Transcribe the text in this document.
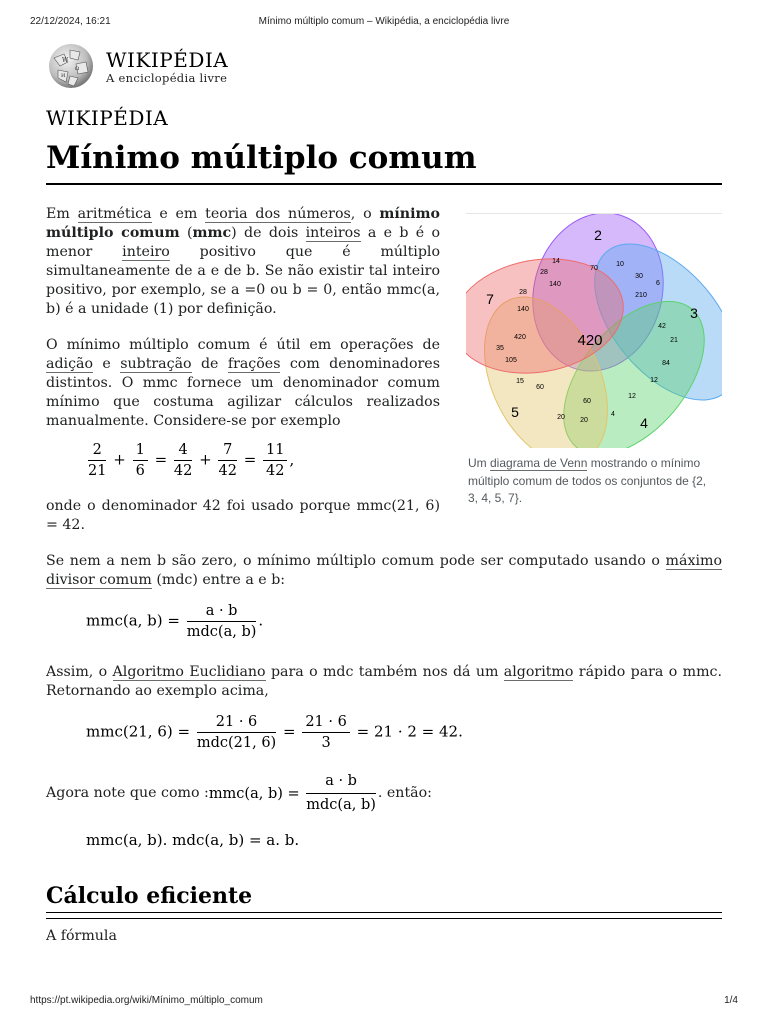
22/12/2024, 16:21	Mínimo múltiplo comum – Wikipédia, a enciclopédia livre
W
Ω
И
WIKIPÉDIA
A enciclopédia livre
WIKIPÉDIA
Mínimo múltiplo comum
Em aritmética e em teoria dos números, o mínimo múltiplo comum (mmc) de dois inteiros a e b é o menor inteiro positivo que é múltiplo simultaneamente de a e de b. Se não existir tal inteiro positivo, por exemplo, se a =0 ou b = 0, então mmc(a, b) é a unidade (1) por definição.
O mínimo múltiplo comum é útil em operações de adição e subtração de frações com denominadores distintos. O mmc fornece um denominador comum mínimo que costuma agilizar cálculos realizados manualmente. Considere-se por exemplo
$\frac{2}{21} + \frac{1}{6} = \frac{4}{42} + \frac{7}{42} = \frac{11}{42}$ ,
onde o denominador 42 foi usado porque mmc(21, 6) = 42.
Se nem a nem b são zero, o mínimo múltiplo comum pode ser computado usando o máximo divisor comum (mdc) entre a e b:
mmc(a, $b) = \frac{a \cdot b}{\text{mdc(a, b)}}$ .
Assim, o Algoritmo Euclidiano para o mdc também nos dá um algoritmo rápido para o mmc. Retornando ao exemplo acima,
mmc(21, $6) = \frac{21 \cdot 6}{\text{mdc(21, 6)}} = \frac{21 \cdot 6}{3} = 21 \cdot 2 = 42$.
Agora note que como :mmc(a, $b) = \frac{a \cdot b}{\text{mdc(a, b)}}$ . então:
mmc(a, b). mdc(a, b) = a. b.
Cálculo eficiente
A fórmula
2
3
4
5
7
420
14
70
10
28
140
210
30
6
28
140
42
21
35
420
84
105
12
15
60
60
20	4
20
12
Um diagrama de Venn mostrando o mínimo múltiplo comum de todos os conjuntos de {2, 3, 4, 5, 7}.
https://pt.wikipedia.org/wiki/Mínimo_múltiplo_comum	1/4
